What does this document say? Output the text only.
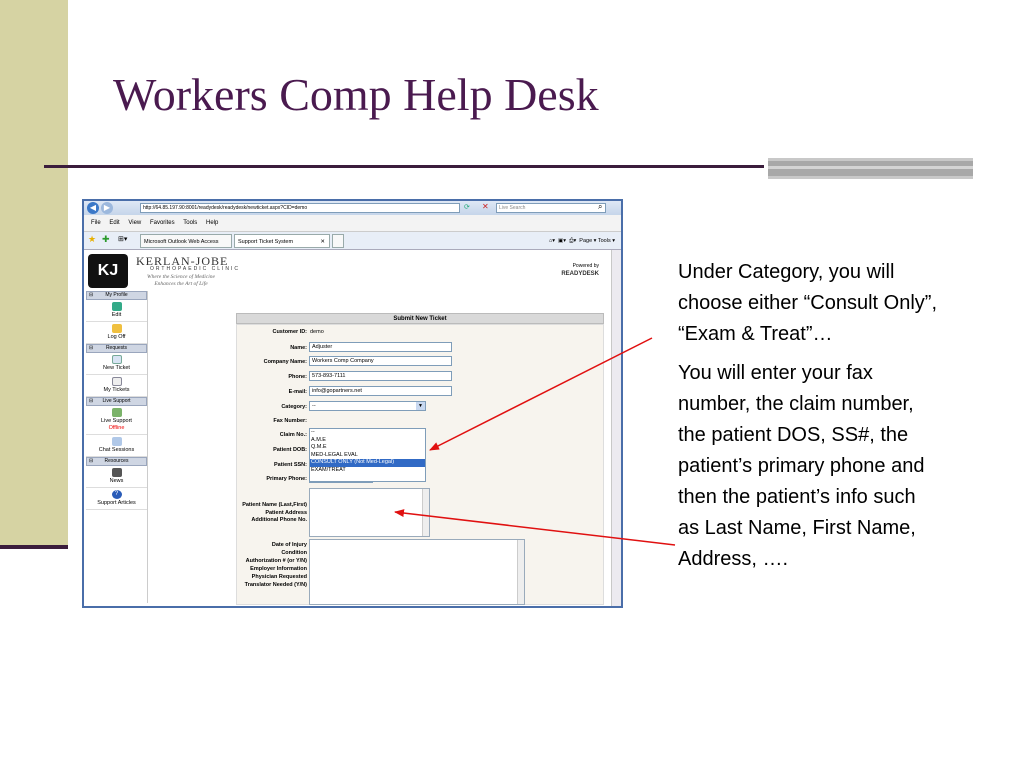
Workers Comp Help Desk
◀ ▶	http://64.85.197.90:8001/readydesk/readydesk/newticket.aspx?CID=demo	⟳ ✕	Live Search	⌕
File Edit View Favorites Tools Help
★ ✚ ⊞▾	Microsoft Outlook Web Access	Support Ticket System	✕	⌂▾ ▣▾ ⎙▾ Page ▾ Tools ▾
KJ
KERLAN-JOBE
ORTHOPAEDIC CLINIC
Where the Science of Medicine Enhances the Art of Life
Powered by
READYDESK
⊟ My Profile
Edit
Log Off
⊟	Requests
New Ticket
My Tickets
⊟ Live Support
Live Support
Offline
Chat Sessions
⊟ Resources
News
?
Support Articles
Submit New Ticket
Customer ID: demo
Name: Adjuster
Company Name: Workers Comp Company
Phone: 573-893-7111
E-mail: info@gopartners.net
Category: --	▼
Fax Number:
Claim No.:
Patient DOB:
Patient SSN:
Primary Phone:
--
A.M.E
Q.M.E
MED-LEGAL EVAL
CONSULT ONLY (Not Med-Legal)
EXAM/TREAT
Patient Name (Last,First)
Patient Address
Additional Phone No.
Date of Injury
Condition
Authorization # (or Y/N)
Employer Information
Physician Requested
Translator Needed (Y/N)

Under Category, you will choose either “Consult Only”, “Exam & Treat”…

You will enter your fax number, the claim number, the patient DOS, SS#, the patient’s primary phone and then the patient’s info such as Last Name, First Name, Address, ….
